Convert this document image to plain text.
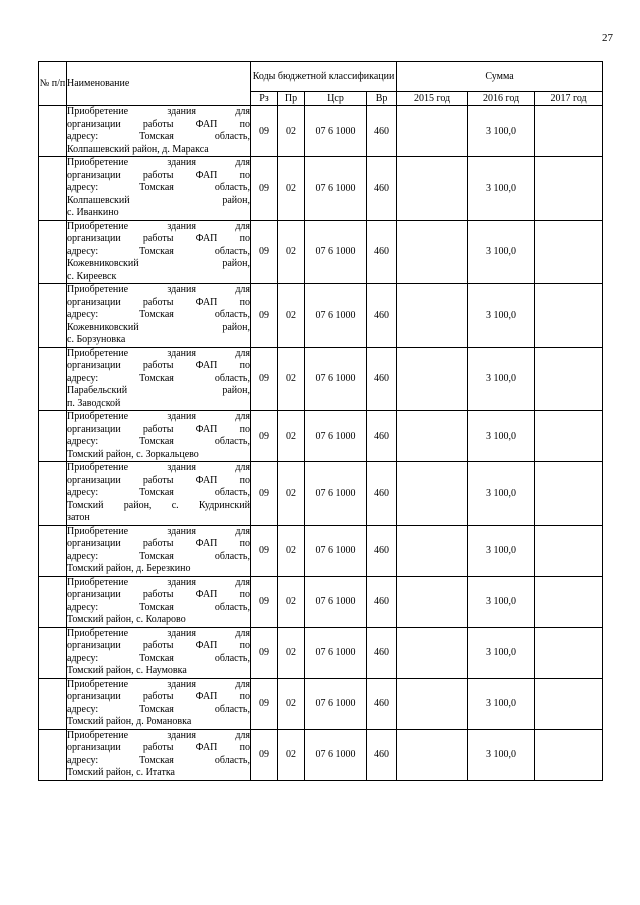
27
№ п/п	Наименование	Коды бюджетной классификации				Сумма		
		Рз	Пр	Цср	Вр	2015 год	2016 год	2017 год

	Приобретение здания для
организации работы ФАП по
адресу: Томская область,
Колпашевский район, д. Маракса	09	02	07 6 1000	460		3 100,0	

	Приобретение здания для
организации работы ФАП по
адресу: Томская область,
Колпашевский район,
с. Иванкино	09	02	07 6 1000	460		3 100,0	

	Приобретение здания для
организации работы ФАП по
адресу: Томская область,
Кожевниковский район,
с. Киреевск	09	02	07 6 1000	460		3 100,0	

	Приобретение здания для
организации работы ФАП по
адресу: Томская область,
Кожевниковский район,
с. Борзуновка	09	02	07 6 1000	460		3 100,0	

	Приобретение здания для
организации работы ФАП по
адресу: Томская область,
Парабельский район,
п. Заводской	09	02	07 6 1000	460		3 100,0	

	Приобретение здания для
организации работы ФАП по
адресу: Томская область,
Томский район, с. Зоркальцево	09	02	07 6 1000	460		3 100,0	

	Приобретение здания для
организации работы ФАП по
адресу: Томская область,
Томский район, с. Кудринский
затон	09	02	07 6 1000	460		3 100,0	

	Приобретение здания для
организации работы ФАП по
адресу: Томская область,
Томский район, д. Березкино	09	02	07 6 1000	460		3 100,0	

	Приобретение здания для
организации работы ФАП по
адресу: Томская область,
Томский район, с. Коларово	09	02	07 6 1000	460		3 100,0	

	Приобретение здания для
организации работы ФАП по
адресу: Томская область,
Томский район, с. Наумовка	09	02	07 6 1000	460		3 100,0	

	Приобретение здания для
организации работы ФАП по
адресу: Томская область,
Томский район, д. Романовка	09	02	07 6 1000	460		3 100,0	

	Приобретение здания для
организации работы ФАП по
адресу: Томская область,
Томский район, с. Итатка	09	02	07 6 1000	460		3 100,0	
